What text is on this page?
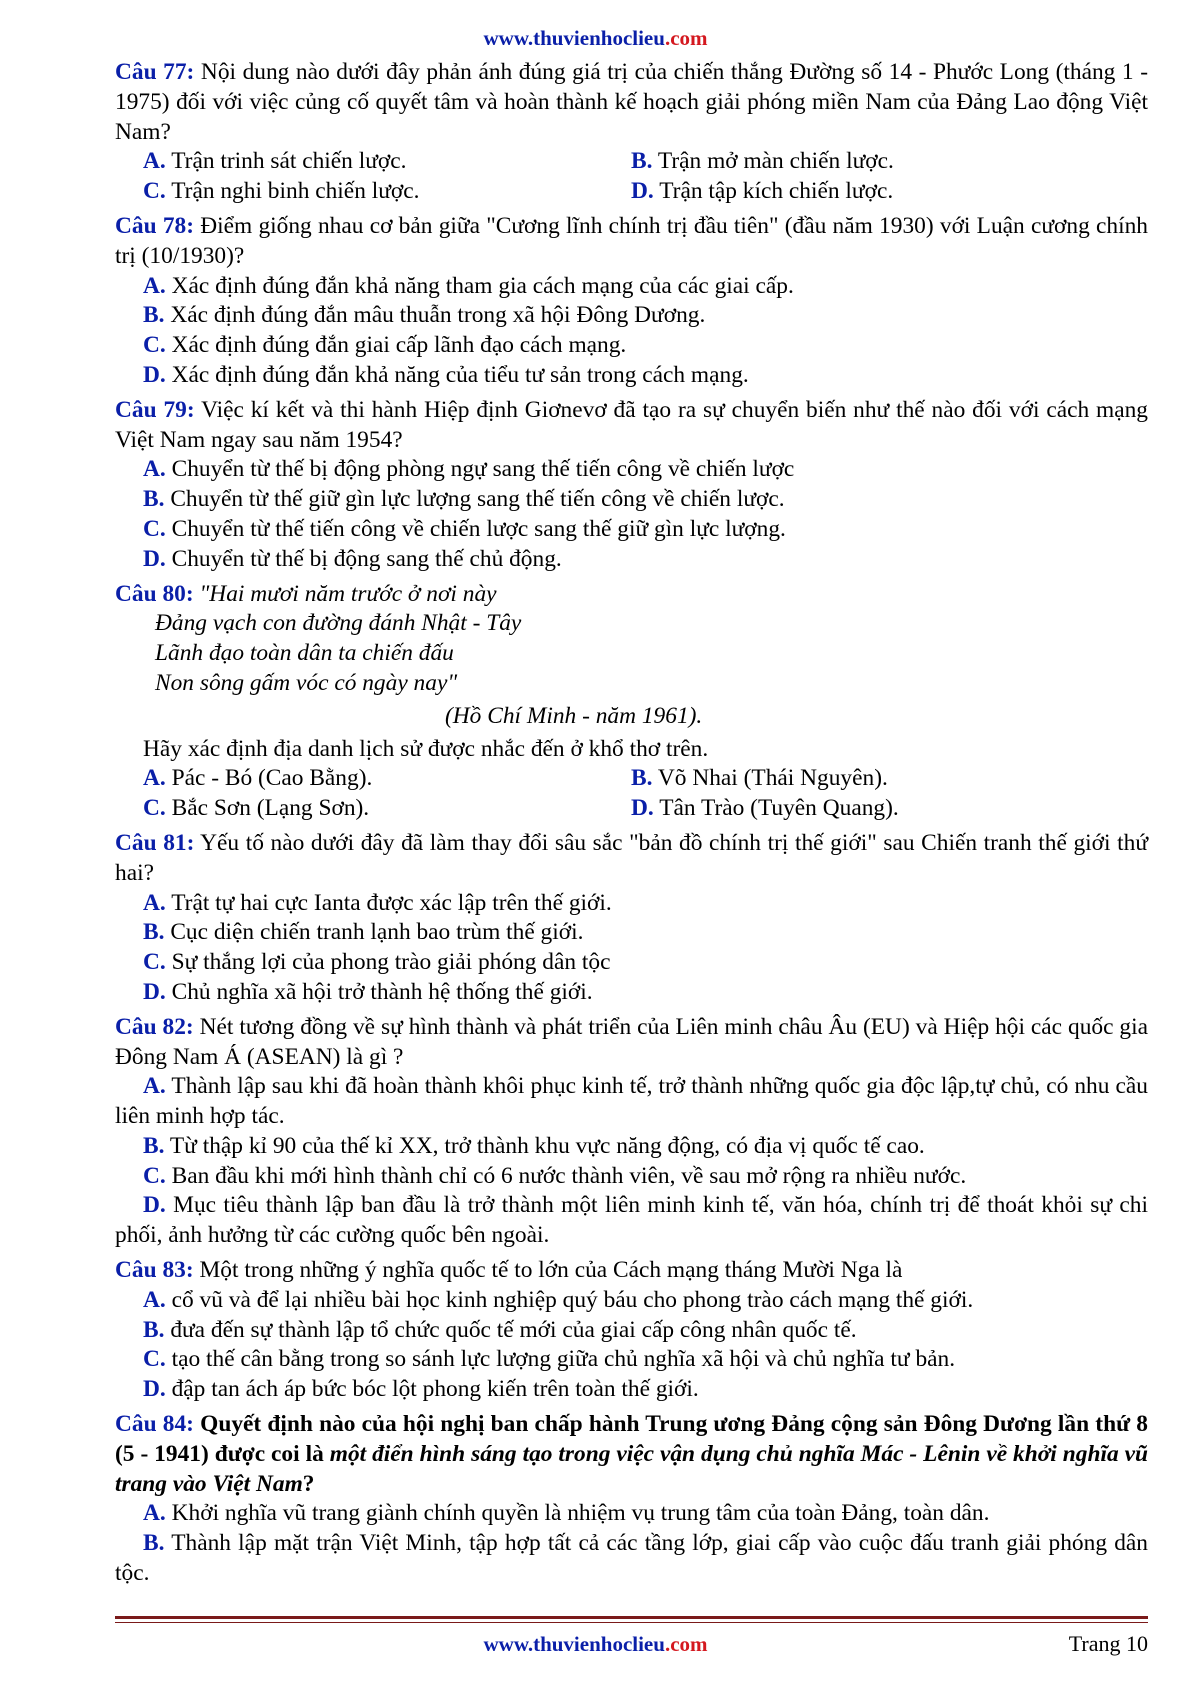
www.thuvienhoclieu.com
Câu 77: Nội dung nào dưới đây phản ánh đúng giá trị của chiến thắng Đường số 14 - Phước Long (tháng 1 - 1975) đối với việc củng cố quyết tâm và hoàn thành kế hoạch giải phóng miền Nam của Đảng Lao động Việt Nam?
A. Trận trinh sát chiến lược.	B. Trận mở màn chiến lược.
C. Trận nghi binh chiến lược.	D. Trận tập kích chiến lược.
Câu 78: Điểm giống nhau cơ bản giữa "Cương lĩnh chính trị đầu tiên" (đầu năm 1930) với Luận cương chính trị (10/1930)?
A. Xác định đúng đắn khả năng tham gia cách mạng của các giai cấp.
B. Xác định đúng đắn mâu thuẫn trong xã hội Đông Dương.
C. Xác định đúng đắn giai cấp lãnh đạo cách mạng.
D. Xác định đúng đắn khả năng của tiểu tư sản trong cách mạng.
Câu 79: Việc kí kết và thi hành Hiệp định Giơnevơ đã tạo ra sự chuyển biến như thế nào đối với cách mạng Việt Nam ngay sau năm 1954?
A. Chuyển từ thế bị động phòng ngự sang thế tiến công về chiến lược
B. Chuyển từ thế giữ gìn lực lượng sang thế tiến công về chiến lược.
C. Chuyển từ thế tiến công về chiến lược sang thế giữ gìn lực lượng.
D. Chuyển từ thế bị động sang thế chủ động.
Câu 80: "Hai mươi năm trước ở nơi này
Đảng vạch con đường đánh Nhật - Tây
Lãnh đạo toàn dân ta chiến đấu
Non sông gấm vóc có ngày nay"
(Hồ Chí Minh - năm 1961).
Hãy xác định địa danh lịch sử được nhắc đến ở khổ thơ trên.
A. Pác - Bó (Cao Bằng).	B. Võ Nhai (Thái Nguyên).
C. Bắc Sơn (Lạng Sơn).	D. Tân Trào (Tuyên Quang).
Câu 81: Yếu tố nào dưới đây đã làm thay đổi sâu sắc "bản đồ chính trị thế giới" sau Chiến tranh thế giới thứ hai?
A. Trật tự hai cực Ianta được xác lập trên thế giới.
B. Cục diện chiến tranh lạnh bao trùm thế giới.
C. Sự thắng lợi của phong trào giải phóng dân tộc
D. Chủ nghĩa xã hội trở thành hệ thống thế giới.
Câu 82: Nét tương đồng về sự hình thành và phát triển của Liên minh châu Âu (EU) và Hiệp hội các quốc gia Đông Nam Á (ASEAN) là gì ?
A. Thành lập sau khi đã hoàn thành khôi phục kinh tế, trở thành những quốc gia độc lập,tự chủ, có nhu cầu liên minh hợp tác.
B. Từ thập kỉ 90 của thế kỉ XX, trở thành khu vực năng động, có địa vị quốc tế cao.
C. Ban đầu khi mới hình thành chỉ có 6 nước thành viên, về sau mở rộng ra nhiều nước.
D. Mục tiêu thành lập ban đầu là trở thành một liên minh kinh tế, văn hóa, chính trị để thoát khỏi sự chi phối, ảnh hưởng từ các cường quốc bên ngoài.
Câu 83: Một trong những ý nghĩa quốc tế to lớn của Cách mạng tháng Mười Nga là
A. cổ vũ và để lại nhiều bài học kinh nghiệp quý báu cho phong trào cách mạng thế giới.
B. đưa đến sự thành lập tổ chức quốc tế mới của giai cấp công nhân quốc tế.
C. tạo thế cân bằng trong so sánh lực lượng giữa chủ nghĩa xã hội và chủ nghĩa tư bản.
D. đập tan ách áp bức bóc lột phong kiến trên toàn thế giới.
Câu 84: Quyết định nào của hội nghị ban chấp hành Trung ương Đảng cộng sản Đông Dương lần thứ 8 (5 - 1941) được coi là một điển hình sáng tạo trong việc vận dụng chủ nghĩa Mác - Lênin về khởi nghĩa vũ trang vào Việt Nam?
A. Khởi nghĩa vũ trang giành chính quyền là nhiệm vụ trung tâm của toàn Đảng, toàn dân.
B. Thành lập mặt trận Việt Minh, tập hợp tất cả các tầng lớp, giai cấp vào cuộc đấu tranh giải phóng dân tộc.
www.thuvienhoclieu.com	Trang 10
